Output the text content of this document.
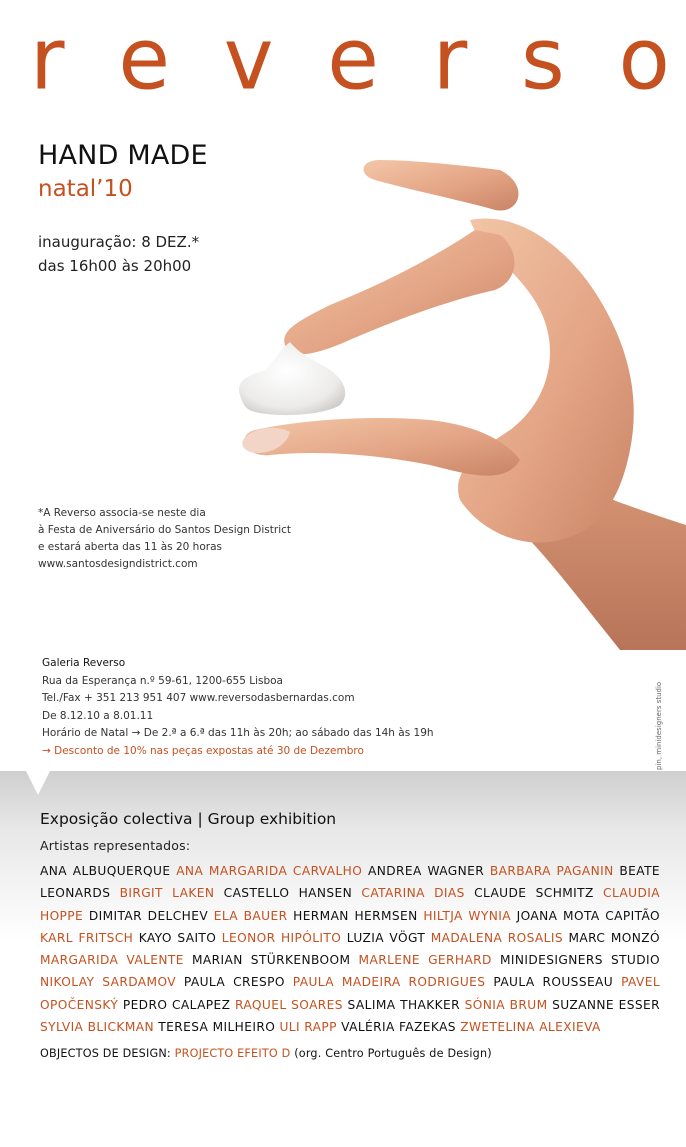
r e v e r s o
HAND MADE
natal’10
inauguração: 8 DEZ.*
das 16h00 às 20h00
*A Reverso associa-se neste dia
à Festa de Aniversário do Santos Design District
e estará aberta das 11 às 20 horas
www.santosdesigndistrict.com
Galeria Reverso
Rua da Esperança n.º 59-61, 1200-655 Lisboa
Tel./Fax + 351 213 951 407 www.reversodasbernardas.com
De 8.12.10 a 8.01.11
Horário de Natal → De 2.ª a 6.ª das 11h às 20h; ao sábado das 14h às 19h
→ Desconto de 10% nas peças expostas até 30 de Dezembro	pin, minidesigners studio
Exposição colectiva | Group exhibition
Artistas representados:
ANA ALBUQUERQUE ANA MARGARIDA CARVALHO ANDREA WAGNER BARBARA PAGANIN BEATE LEONARDS BIRGIT LAKEN CASTELLO HANSEN CATARINA DIAS CLAUDE SCHMITZ CLAUDIA HOPPE DIMITAR DELCHEV ELA BAUER HERMAN HERMSEN HILTJA WYNIA JOANA MOTA CAPITÃO KARL FRITSCH KAYO SAITO LEONOR HIPÓLITO LUZIA VÖGT MADALENA ROSALIS MARC MONZÓ MARGARIDA VALENTE MARIAN STÜRKENBOOM MARLENE GERHARD MINIDESIGNERS STUDIO NIKOLAY SARDAMOV PAULA CRESPO PAULA MADEIRA RODRIGUES PAULA ROUSSEAU PAVEL OPOČENSKÝ PEDRO CALAPEZ RAQUEL SOARES SALIMA THAKKER SÓNIA BRUM SUZANNE ESSER SYLVIA BLICKMAN TERESA MILHEIRO ULI RAPP VALÉRIA FAZEKAS ZWETELINA ALEXIEVA
OBJECTOS DE DESIGN: PROJECTO EFEITO D (org. Centro Português de Design)
